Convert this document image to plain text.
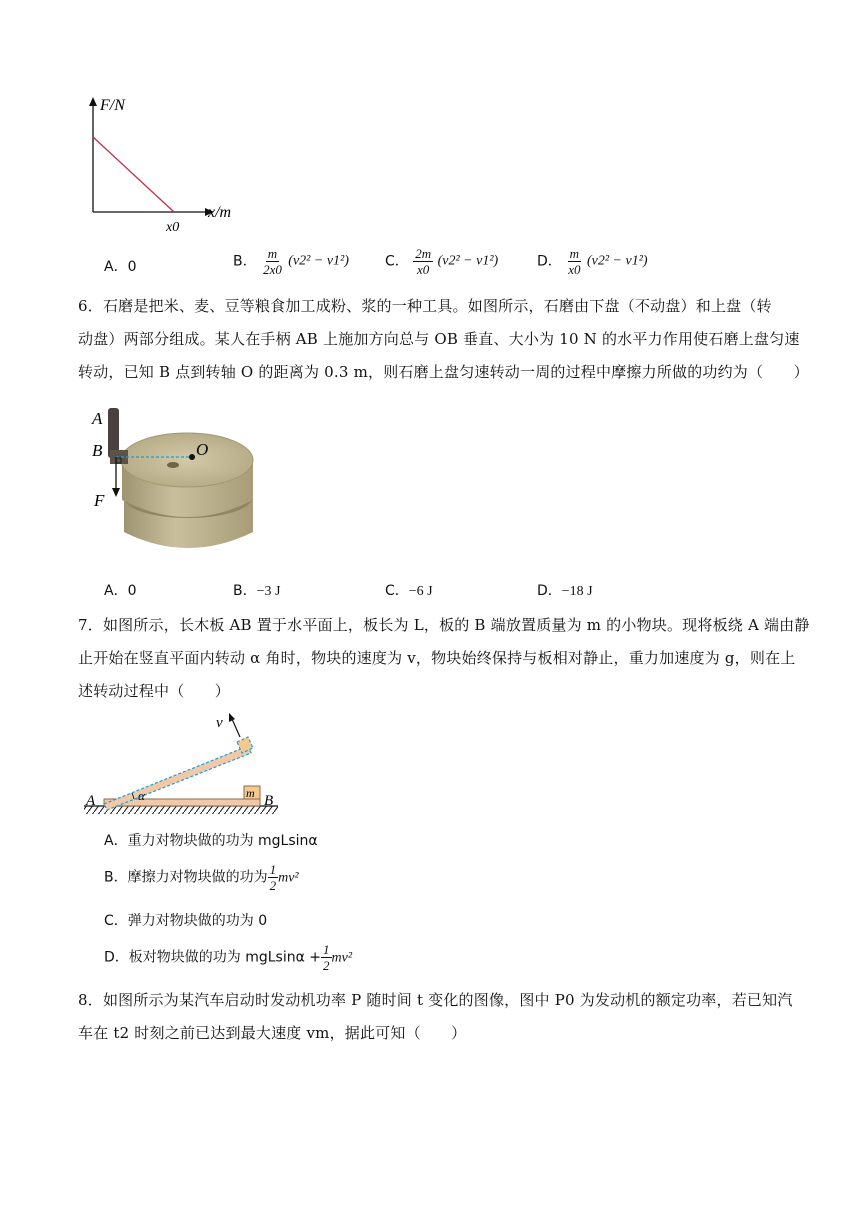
F/N
x/m
x0
A．0	B． $\frac{m}{2x0} (v2^2 - v1^2)$	C． $\frac{2m}{x0} (v2^2 - v1^2)$	D． $\frac{m}{x0} (v2^2 - v1^2)$
6．石磨是把米、麦、豆等粮食加工成粉、浆的一种工具。如图所示，石磨由下盘（不动盘）和上盘（转
动盘）两部分组成。某人在手柄 AB 上施加方向总与 OB 垂直、大小为 10 N 的水平力作用使石磨上盘匀速
转动，已知 B 点到转轴 O 的距离为 0.3 m，则石磨上盘匀速转动一周的过程中摩擦力所做的功约为（　　）
A
B	O
F
A．0	B．−3 J	C．−6 J	D．−18 J
7．如图所示，长木板 AB 置于水平面上，板长为 L，板的 B 端放置质量为 m 的小物块。现将板绕 A 端由静
止开始在竖直平面内转动 α 角时，物块的速度为 v，物块始终保持与板相对静止，重力加速度为 g，则在上
述转动过程中（　　）
m
v
α
A	B
A．重力对物块做的功为 mgLsinα
B．摩擦力对物块做的功为 $\frac{1}{2} mv^2$
C．弹力对物块做的功为 0
D．板对物块做的功为 $mgLsin\alpha + \frac{1}{2} mv^2$
8．如图所示为某汽车启动时发动机功率 P 随时间 t 变化的图像，图中 P0 为发动机的额定功率，若已知汽
车在 t2 时刻之前已达到最大速度 vm，据此可知（　　）
